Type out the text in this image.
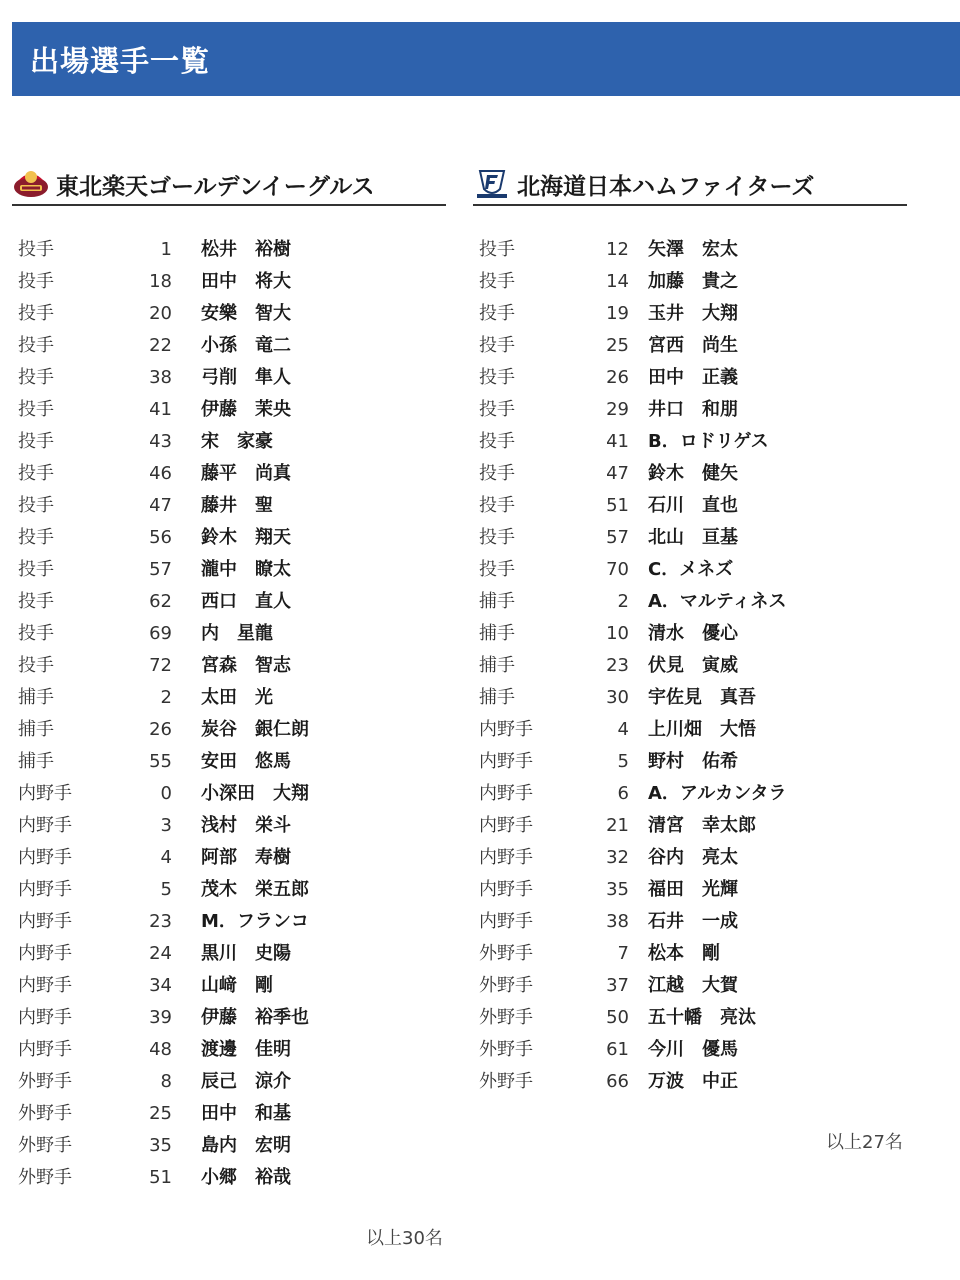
出場選手一覧
東北楽天ゴールデンイーグルス
投手	1 松井　裕樹
投手	18 田中　将大
投手	20 安樂　智大
投手	22 小孫　竜二
投手	38 弓削　隼人
投手	41 伊藤　茉央
投手	43 宋　家豪
投手	46 藤平　尚真
投手	47 藤井　聖
投手	56 鈴木　翔天
投手	57 瀧中　瞭太
投手	62 西口　直人
投手	69 内　星龍
投手	72 宮森　智志
捕手	2 太田　光
捕手	26 炭谷　銀仁朗
捕手	55 安田　悠馬
内野手	0 小深田　大翔
内野手	3 浅村　栄斗
内野手	4 阿部　寿樹
内野手	5 茂木　栄五郎
内野手	23 M．フランコ
内野手	24 黒川　史陽
内野手	34 山﨑　剛
内野手	39 伊藤　裕季也
内野手	48 渡邊　佳明
外野手	8 辰己　涼介
外野手	25 田中　和基
外野手	35 島内　宏明
外野手	51 小郷　裕哉
北海道日本ハムファイターズ
投手	12 矢澤　宏太
投手	14 加藤　貴之
投手	19 玉井　大翔
投手	25 宮西　尚生
投手	26 田中　正義
投手	29 井口　和朋
投手	41 B．ロドリゲス
投手	47 鈴木　健矢
投手	51 石川　直也
投手	57 北山　亘基
投手	70 C．メネズ
捕手	2 A．マルティネス
捕手	10 清水　優心
捕手	23 伏見　寅威
捕手	30 宇佐見　真吾
内野手	4 上川畑　大悟
内野手	5 野村　佑希
内野手	6 A．アルカンタラ
内野手	21 清宮　幸太郎
内野手	32 谷内　亮太
内野手	35 福田　光輝
内野手	38 石井　一成
外野手	7 松本　剛
外野手	37 江越　大賀
外野手	50 五十幡　亮汰
外野手	61 今川　優馬
外野手	66 万波　中正
以上30名
以上27名
